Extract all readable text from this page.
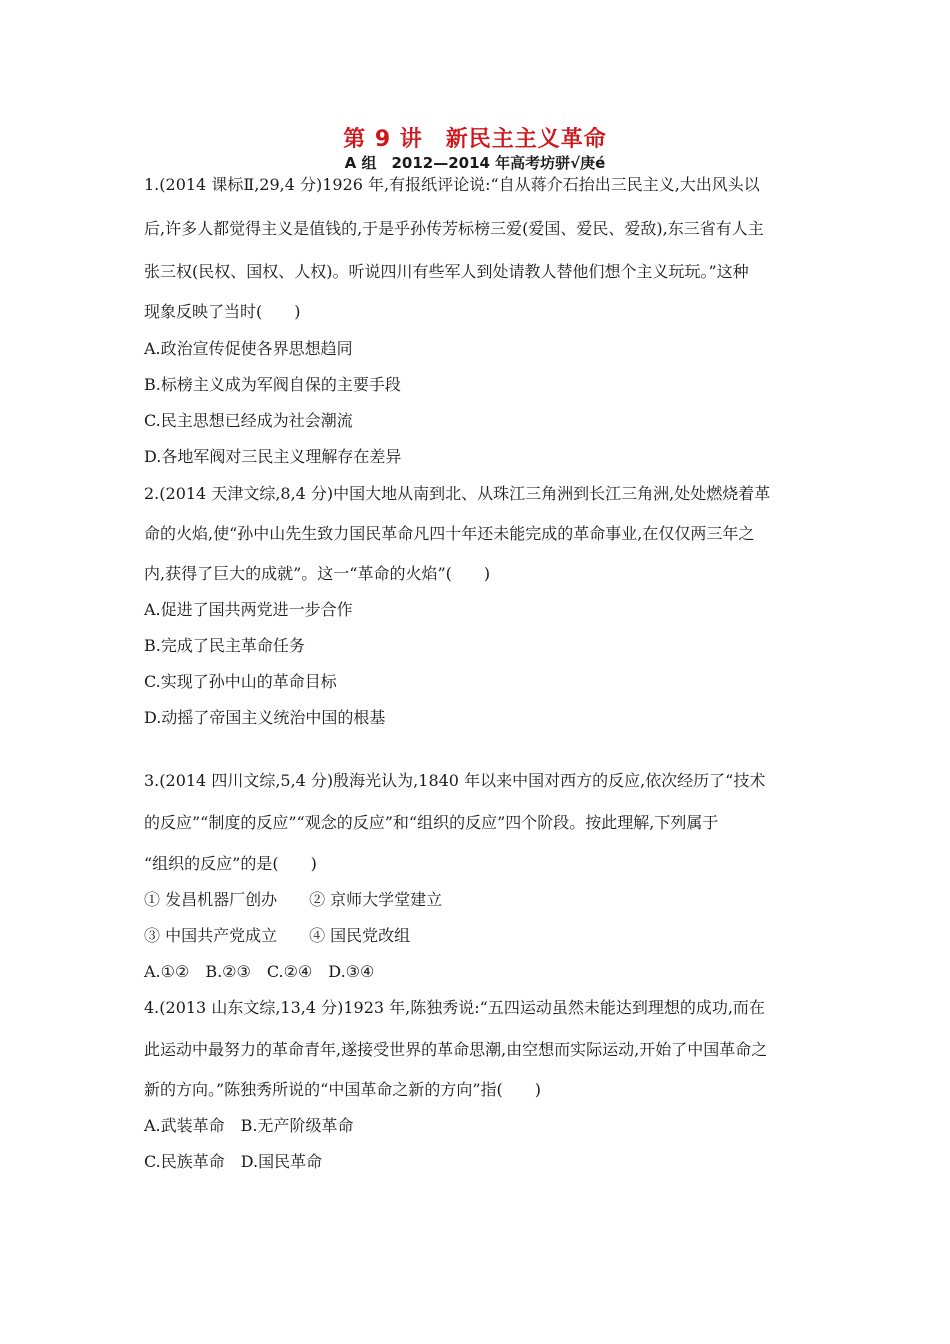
第 9 讲　新民主主义革命
A 组　2012—2014 年高考坊骈√庚é
1.(2014 课标Ⅱ,29,4 分)1926 年,有报纸评论说:“自从蒋介石抬出三民主义,大出风头以
后,许多人都觉得主义是值钱的,于是乎孙传芳标榜三爱(爱国、爱民、爱敌),东三省有人主
张三权(民权、国权、人权)。听说四川有些军人到处请教人替他们想个主义玩玩。”这种
现象反映了当时(　　)
A.政治宣传促使各界思想趋同
B.标榜主义成为军阀自保的主要手段
C.民主思想已经成为社会潮流
D.各地军阀对三民主义理解存在差异
2.(2014 天津文综,8,4 分)中国大地从南到北、从珠江三角洲到长江三角洲,处处燃烧着革
命的火焰,使“孙中山先生致力国民革命凡四十年还未能完成的革命事业,在仅仅两三年之
内,获得了巨大的成就”。这一“革命的火焰”(　　)
A.促进了国共两党进一步合作
B.完成了民主革命任务
C.实现了孙中山的革命目标
D.动摇了帝国主义统治中国的根基
3.(2014 四川文综,5,4 分)殷海光认为,1840 年以来中国对西方的反应,依次经历了“技术
的反应”“制度的反应”“观念的反应”和“组织的反应”四个阶段。按此理解,下列属于
“组织的反应”的是(　　)
① 发昌机器厂创办　　② 京师大学堂建立
③ 中国共产党成立　　④ 国民党改组
A.①②　B.②③　C.②④　D.③④
4.(2013 山东文综,13,4 分)1923 年,陈独秀说:“五四运动虽然未能达到理想的成功,而在
此运动中最努力的革命青年,遂接受世界的革命思潮,由空想而实际运动,开始了中国革命之
新的方向。”陈独秀所说的“中国革命之新的方向”指(　　)
A.武装革命　B.无产阶级革命
C.民族革命　D.国民革命
